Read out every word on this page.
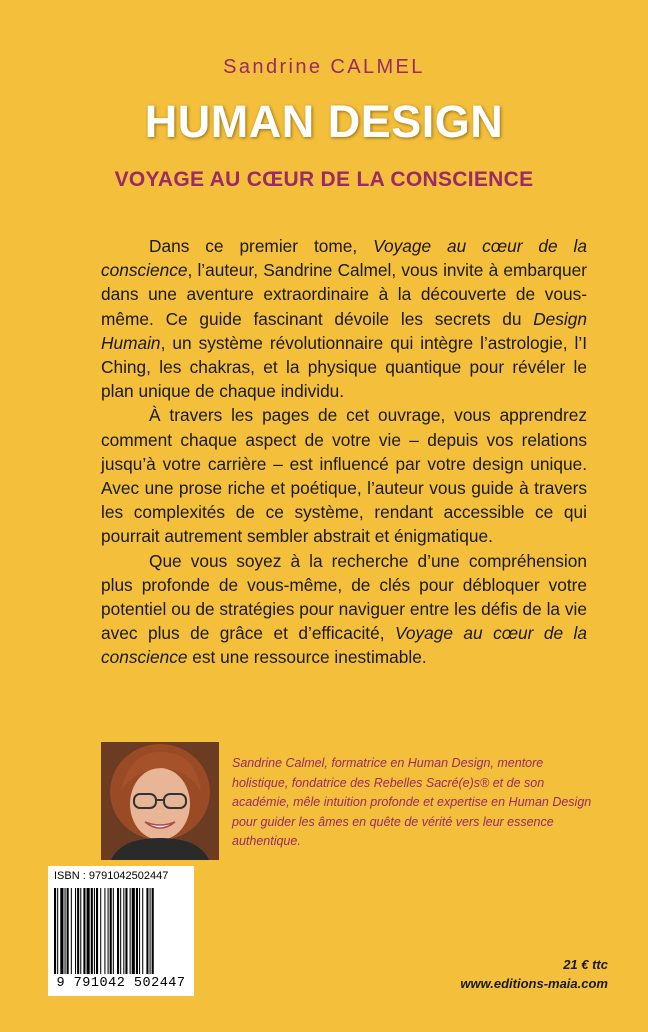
Sandrine CALMEL
HUMAN DESIGN
VOYAGE AU CŒUR DE LA CONSCIENCE

Dans ce premier tome, Voyage au cœur de la conscience, l’auteur, Sandrine Calmel, vous invite à embarquer dans une aventure extraordinaire à la découverte de vous-même. Ce guide fascinant dévoile les secrets du Design Humain, un système révolutionnaire qui intègre l’astrologie, l’I Ching, les chakras, et la physique quantique pour révéler le plan unique de chaque individu.

À travers les pages de cet ouvrage, vous apprendrez comment chaque aspect de votre vie – depuis vos relations jusqu’à votre carrière – est influencé par votre design unique. Avec une prose riche et poétique, l’auteur vous guide à travers les complexités de ce système, rendant accessible ce qui pourrait autrement sembler abstrait et énigmatique.

Que vous soyez à la recherche d’une compréhension plus profonde de vous-même, de clés pour débloquer votre potentiel ou de stratégies pour naviguer entre les défis de la vie avec plus de grâce et d’efficacité, Voyage au cœur de la conscience est une ressource inestimable.

Sandrine Calmel, formatrice en Human Design, mentore holistique, fondatrice des Rebelles Sacré(e)s® et de son académie, mêle intuition profonde et expertise en Human Design pour guider les âmes en quête de vérité vers leur essence authentique.
ISBN : 9791042502447
9 791042 502447
21 € ttc
www.editions-maia.com
